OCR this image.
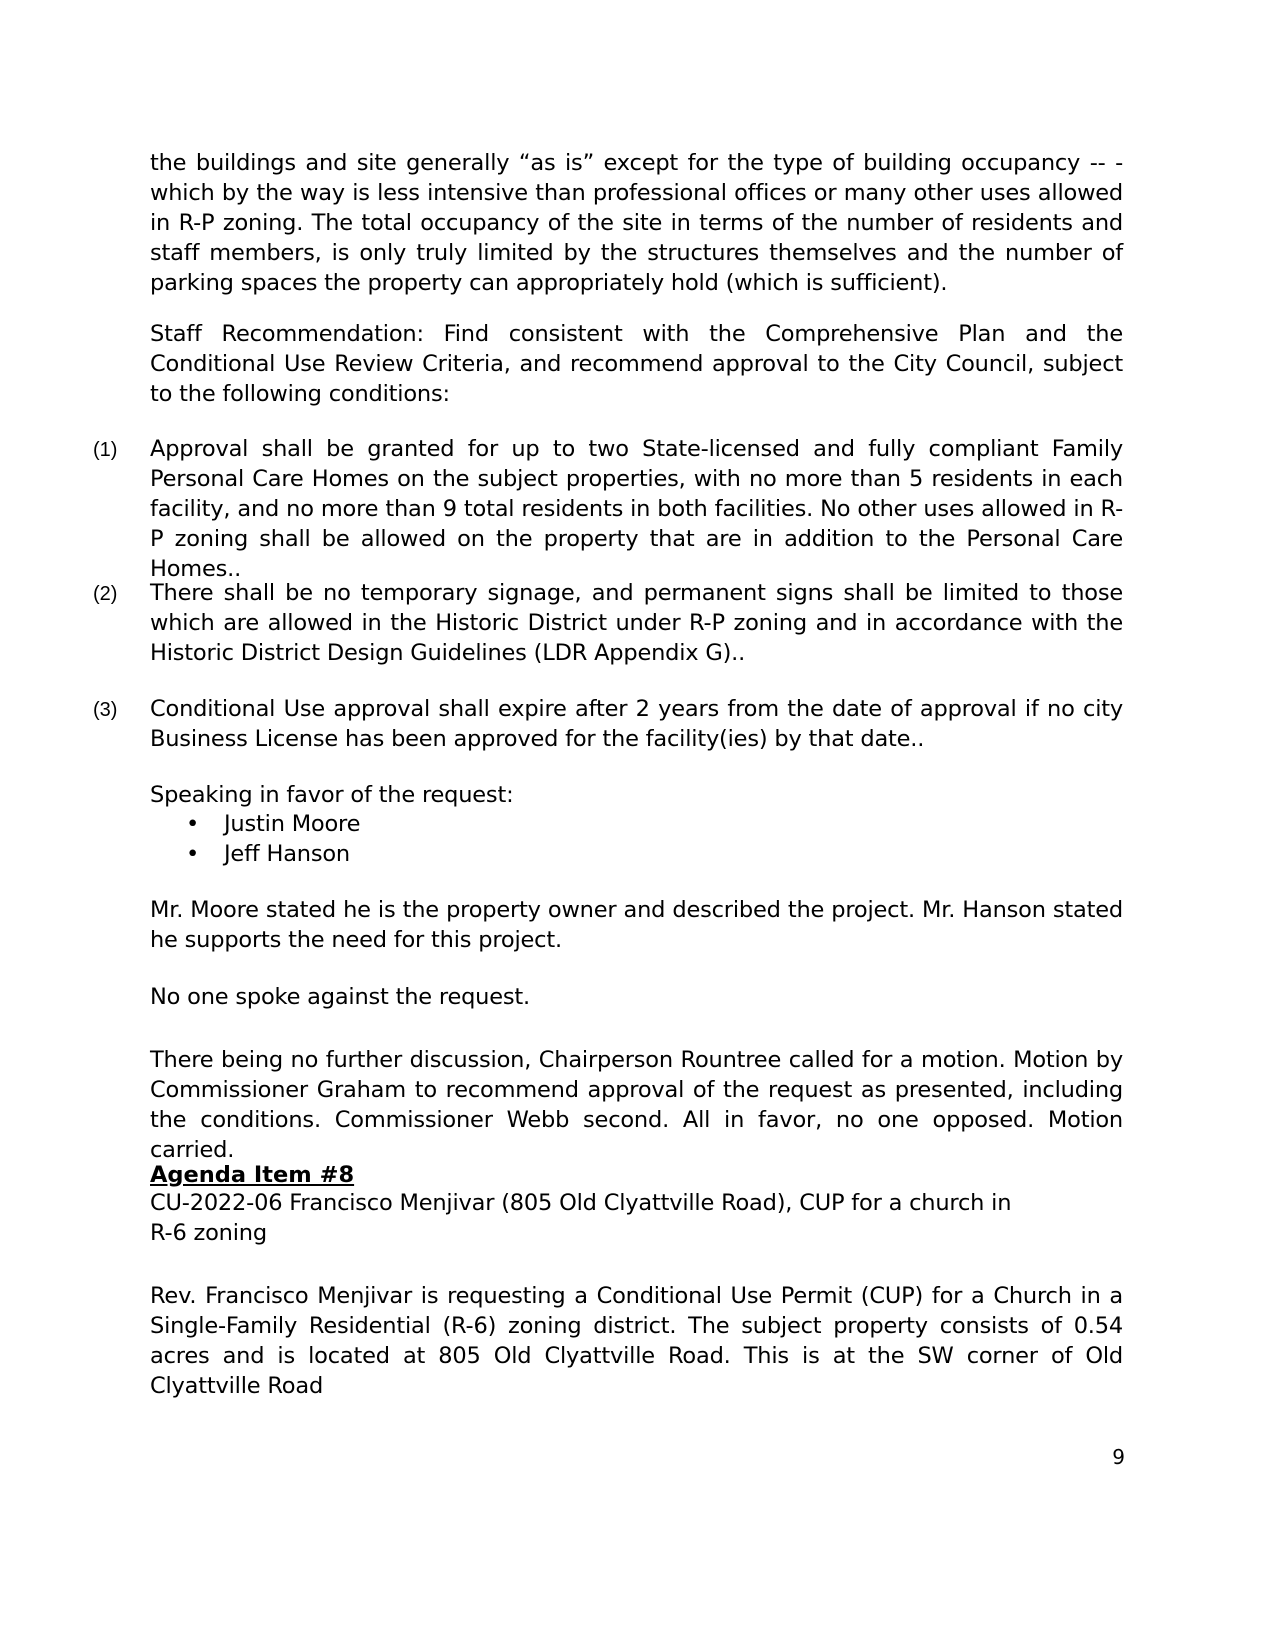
the buildings and site generally “as is” except for the type of building occupancy -- - which by the way is less intensive than professional offices or many other uses allowed in R-P zoning. The total occupancy of the site in terms of the number of residents and staff members, is only truly limited by the structures themselves and the number of parking spaces the property can appropriately hold (which is sufficient).

Staff Recommendation: Find consistent with the Comprehensive Plan and the Conditional Use Review Criteria, and recommend approval to the City Council, subject to the following conditions:

(1) Approval shall be granted for up to two State-licensed and fully compliant Family Personal Care Homes on the subject properties, with no more than 5 residents in each facility, and no more than 9 total residents in both facilities. No other uses allowed in R-P zoning shall be allowed on the property that are in addition to the Personal Care Homes..

(2) There shall be no temporary signage, and permanent signs shall be limited to those which are allowed in the Historic District under R-P zoning and in accordance with the Historic District Design Guidelines (LDR Appendix G)..

(3) Conditional Use approval shall expire after 2 years from the date of approval if no city Business License has been approved for the facility(ies) by that date..

Speaking in favor of the request:

• Justin Moore
• Jeff Hanson

Mr. Moore stated he is the property owner and described the project. Mr. Hanson stated he supports the need for this project.

No one spoke against the request.

There being no further discussion, Chairperson Rountree called for a motion. Motion by Commissioner Graham to recommend approval of the request as presented, including the conditions. Commissioner Webb second. All in favor, no one opposed. Motion carried.

Agenda Item #8

CU-2022-06 Francisco Menjivar (805 Old Clyattville Road), CUP for a church in R-6 zoning

Rev. Francisco Menjivar is requesting a Conditional Use Permit (CUP) for a Church in a Single-Family Residential (R-6) zoning district. The subject property consists of 0.54 acres and is located at 805 Old Clyattville Road. This is at the SW corner of Old Clyattville Road

9
